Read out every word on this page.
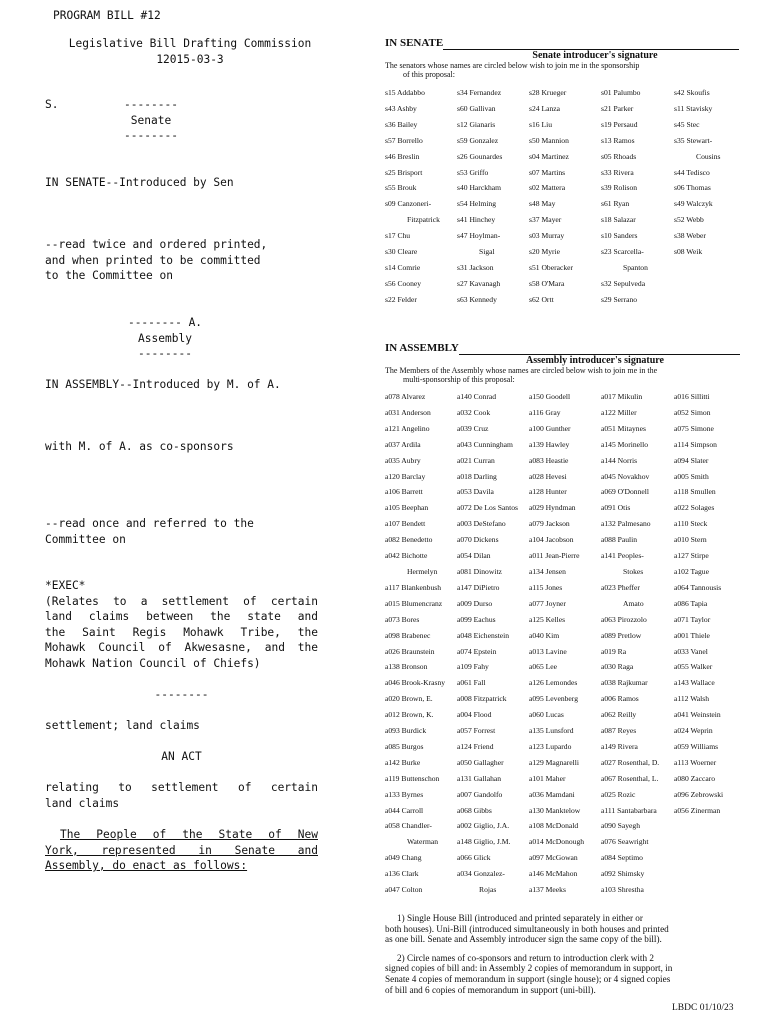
PROGRAM BILL #12

Legislative Bill Drafting Commission

12015-03-3

S.	--------

Senate

--------

IN SENATE--Introduced by Sen

--read twice and ordered printed,

and when printed to be committed

to the Committee on

-------- A.

Assembly

--------

IN ASSEMBLY--Introduced by M. of A.
with M. of A. as co-sponsors

--read once and referred to the

Committee on

*EXEC*

(Relates to a settlement of certain

land claims between the state and

the Saint Regis Mohawk Tribe, the

Mohawk Council of Akwesasne, and the

Mohawk Nation Council of Chiefs)

--------
settlement; land claims
AN ACT

relating to settlement of certain

land claims

The People of the State of New

York, represented in Senate and

Assembly, do enact as follows:

IN SENATE
Senate introducer's signature
The senators whose names are circled below wish to join me in the sponsorship
of this proposal:
s15 Addabbo	s34 Fernandez	s28 Krueger	s01 Palumbo	s42 Skoufis
s43 Ashby	s60 Gallivan	s24 Lanza	s21 Parker	s11 Stavisky
s36 Bailey	s12 Gianaris	s16 Liu	s19 Persaud	s45 Stec
s57 Borrello	s59 Gonzalez	s50 Mannion	s13 Ramos	s35 Stewart-
s46 Breslin	s26 Gounardes	s04 Martinez	s05 Rhoads	Cousins
s25 Brisport	s53 Griffo	s07 Martins	s33 Rivera	s44 Tedisco
s55 Brouk	s40 Harckham	s02 Mattera	s39 Rolison	s06 Thomas
s09 Canzoneri-	s54 Helming	s48 May	s61 Ryan	s49 Walczyk
Fitzpatrick	s41 Hinchey	s37 Mayer	s18 Salazar	s52 Webb
s17 Chu	s47 Hoylman-	s03 Murray	s10 Sanders	s38 Weber
s30 Cleare	Sigal	s20 Myrie	s23 Scarcella-	s08 Weik
s14 Comrie	s31 Jackson	s51 Oberacker	Spanton
s56 Cooney	s27 Kavanagh	s58 O'Mara	s32 Sepulveda
s22 Felder	s63 Kennedy	s62 Ortt	s29 Serrano
IN ASSEMBLY
Assembly introducer's signature
The Members of the Assembly whose names are circled below wish to join me in the
multi-sponsorship of this proposal:
a078 Alvarez	a140 Conrad	a150 Goodell	a017 Mikulin	a016 Sillitti
a031 Anderson	a032 Cook	a116 Gray	a122 Miller	a052 Simon
a121 Angelino	a039 Cruz	a100 Gunther	a051 Mitaynes	a075 Simone
a037 Ardila	a043 Cunningham	a139 Hawley	a145 Morinello	a114 Simpson
a035 Aubry	a021 Curran	a083 Heastie	a144 Norris	a094 Slater
a120 Barclay	a018 Darling	a028 Hevesi	a045 Novakhov	a005 Smith
a106 Barrett	a053 Davila	a128 Hunter	a069 O'Donnell	a118 Smullen
a105 Beephan	a072 De Los Santos	a029 Hyndman	a091 Otis	a022 Solages
a107 Bendett	a003 DeStefano	a079 Jackson	a132 Palmesano	a110 Steck
a082 Benedetto	a070 Dickens	a104 Jacobson	a088 Paulin	a010 Stern
a042 Bichotte	a054 Dilan	a011 Jean-Pierre	a141 Peoples-	a127 Stirpe
Hermelyn	a081 Dinowitz	a134 Jensen	Stokes	a102 Tague
a117 Blankenbush	a147 DiPietro	a115 Jones	a023 Pheffer	a064 Tannousis
a015 Blumencranz	a009 Durso	a077 Joyner	Amato	a086 Tapia
a073 Bores	a099 Eachus	a125 Kelles	a063 Pirozzolo	a071 Taylor
a098 Brabenec	a048 Eichenstein	a040 Kim	a089 Pretlow	a001 Thiele
a026 Braunstein	a074 Epstein	a013 Lavine	a019 Ra	a033 Vanel
a138 Bronson	a109 Fahy	a065 Lee	a030 Raga	a055 Walker
a046 Brook-Krasny	a061 Fall	a126 Lemondes	a038 Rajkumar	a143 Wallace
a020 Brown, E.	a008 Fitzpatrick	a095 Levenberg	a006 Ramos	a112 Walsh
a012 Brown, K.	a004 Flood	a060 Lucas	a062 Reilly	a041 Weinstein
a093 Burdick	a057 Forrest	a135 Lunsford	a087 Reyes	a024 Weprin
a085 Burgos	a124 Friend	a123 Lupardo	a149 Rivera	a059 Williams
a142 Burke	a050 Gallagher	a129 Magnarelli	a027 Rosenthal, D.	a113 Woerner
a119 Buttenschon	a131 Gallahan	a101 Maher	a067 Rosenthal, L.	a080 Zaccaro
a133 Byrnes	a007 Gandolfo	a036 Mamdani	a025 Rozic	a096 Zebrowski
a044 Carroll	a068 Gibbs	a130 Manktelow	a111 Santabarbara	a056 Zinerman
a058 Chandler-	a002 Giglio, J.A.	a108 McDonald	a090 Sayegh
Waterman	a148 Giglio, J.M.	a014 McDonough	a076 Seawright
a049 Chang	a066 Glick	a097 McGowan	a084 Septimo
a136 Clark	a034 Gonzalez-	a146 McMahon	a092 Shimsky
a047 Colton	Rojas	a137 Meeks	a103 Shrestha
1) Single House Bill (introduced and printed separately in either or
both houses). Uni-Bill (introduced simultaneously in both houses and printed
as one bill. Senate and Assembly introducer sign the same copy of the bill).
2) Circle names of co-sponsors and return to introduction clerk with 2
signed copies of bill and: in Assembly 2 copies of memorandum in support, in
Senate 4 copies of memorandum in support (single house); or 4 signed copies
of bill and 6 copies of memorandum in support (uni-bill).
LBDC 01/10/23
